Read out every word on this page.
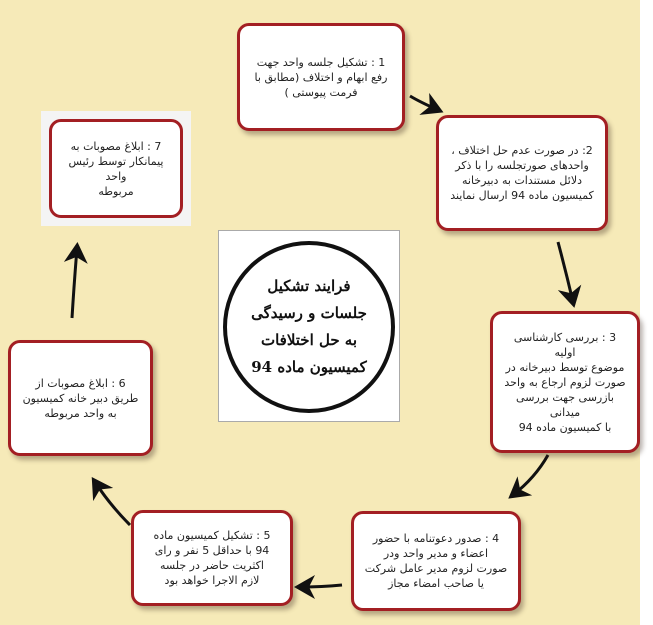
1 : تشکیل جلسه واحد جهت
رفع ابهام و اختلاف (مطابق با
فرمت پیوستی )
2: در صورت عدم حل اختلاف ،
واحدهای صورتجلسه را با ذکر
دلائل مستندات به دبیرخانه
کمیسیون ماده 94 ارسال نمایند
3 : بررسی کارشناسی اولیه
موضوع توسط دبیرخانه در
صورت لزوم ارجاع به واحد
بازرسی جهت بررسی میدانی
با کمیسیون ماده 94
4 : صدور دعوتنامه با حضور
اعضاء و مدیر واحد ودر
صورت لزوم مدیر عامل شرکت
یا صاحب امضاء مجاز
5 : تشکیل کمیسیون ماده
94 با حداقل 5 نفر و رای
اکثریت حاضر در جلسه
لازم الاجرا خواهد بود
6 : ابلاغ مصوبات از
طریق دبیر خانه کمیسیون
به واحد مربوطه
7 : ابلاغ مصوبات به
پیمانکار توسط رئیس واحد
مربوطه
فرایند تشکیل
جلسات و رسیدگی
به حل اختلافات
کمیسیون ماده 94
